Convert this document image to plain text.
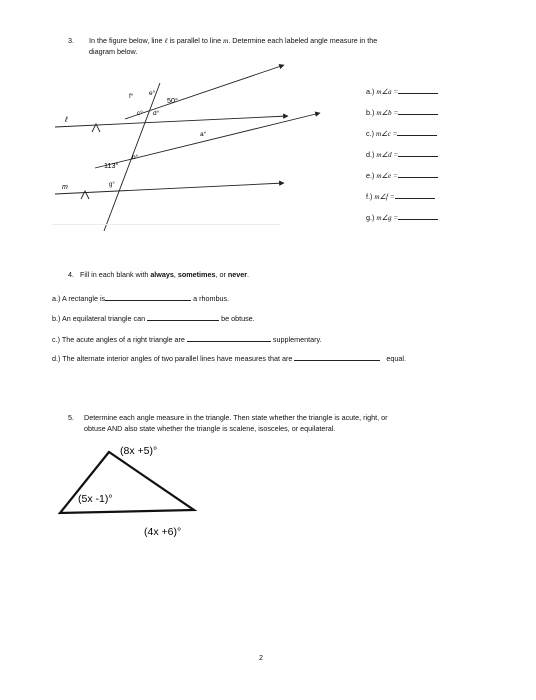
3. In the figure below, line ℓ is parallel to line m. Determine each labeled angle measure in the
diagram below.
f° e°
50°
c° d°
a°
b°
113°
g°
ℓ
m
a.) m∠a =
b.) m∠b =
c.) m∠c =
d.) m∠d =
e.) m∠e =
f.) m∠f =
g.) m∠g =
4. Fill in each blank with always, sometimes, or never.
a.) A rectangle is	a rhombus.
b.) An equilateral triangle can	be obtuse.
c.) The acute angles of a right triangle are	supplementary.
d.) The alternate interior angles of two parallel lines have measures that are	equal.
5. Determine each angle measure in the triangle. Then state whether the triangle is acute, right, or
obtuse AND also state whether the triangle is scalene, isosceles, or equilateral.
(8x +5)°
(5x -1)°
(4x +6)°
2
